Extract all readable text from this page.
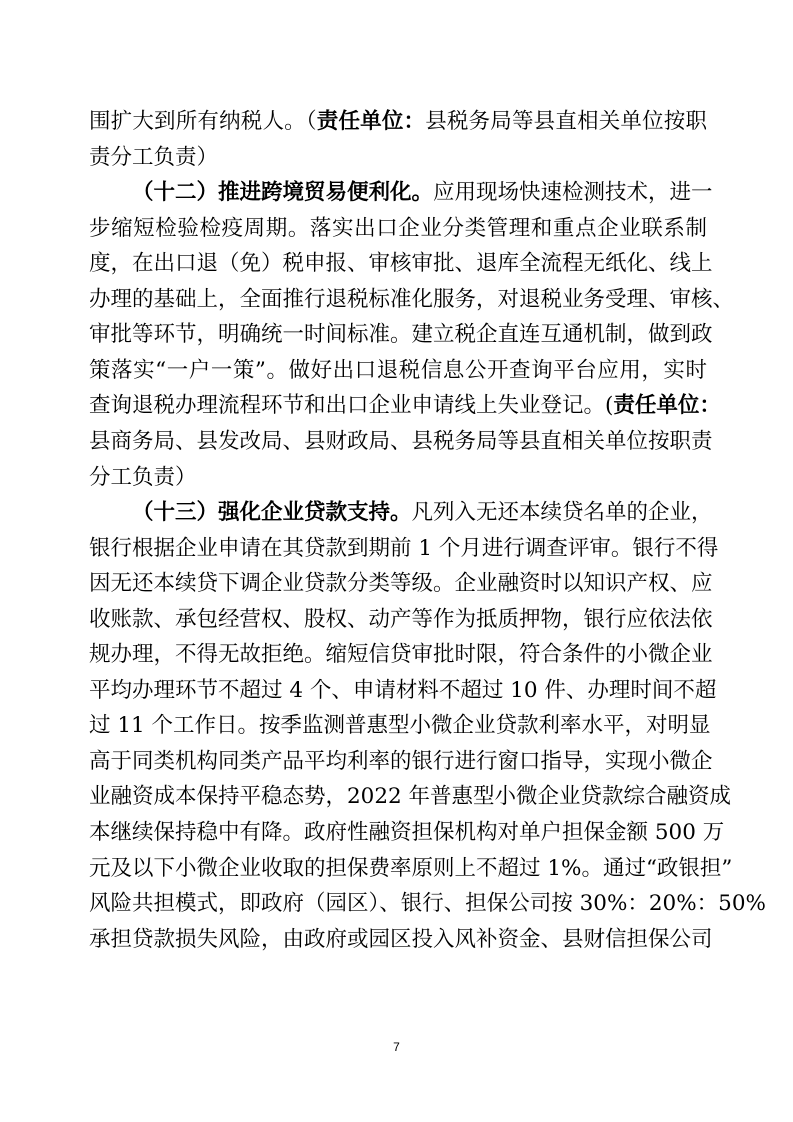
围扩大到所有纳税人。（责任单位：县税务局等县直相关单位按职
责分工负责）
（十二）推进跨境贸易便利化。应用现场快速检测技术，进一
步缩短检验检疫周期。落实出口企业分类管理和重点企业联系制
度，在出口退（免）税申报、审核审批、退库全流程无纸化、线上
办理的基础上，全面推行退税标准化服务，对退税业务受理、审核、
审批等环节，明确统一时间标准。建立税企直连互通机制，做到政
策落实“一户一策”。做好出口退税信息公开查询平台应用，实时
查询退税办理流程环节和出口企业申请线上失业登记。(责任单位：
县商务局、县发改局、县财政局、县税务局等县直相关单位按职责
分工负责）
（十三）强化企业贷款支持。凡列入无还本续贷名单的企业，
银行根据企业申请在其贷款到期前 1 个月进行调查评审。银行不得
因无还本续贷下调企业贷款分类等级。企业融资时以知识产权、应
收账款、承包经营权、股权、动产等作为抵质押物，银行应依法依
规办理，不得无故拒绝。缩短信贷审批时限，符合条件的小微企业
平均办理环节不超过 4 个、申请材料不超过 10 件、办理时间不超
过 11 个工作日。按季监测普惠型小微企业贷款利率水平，对明显
高于同类机构同类产品平均利率的银行进行窗口指导，实现小微企
业融资成本保持平稳态势，2022 年普惠型小微企业贷款综合融资成
本继续保持稳中有降。政府性融资担保机构对单户担保金额 500 万
元及以下小微企业收取的担保费率原则上不超过 1%。通过“政银担”
风险共担模式，即政府（园区）、银行、担保公司按 30%：20%：50%
承担贷款损失风险，由政府或园区投入风补资金、县财信担保公司
7
